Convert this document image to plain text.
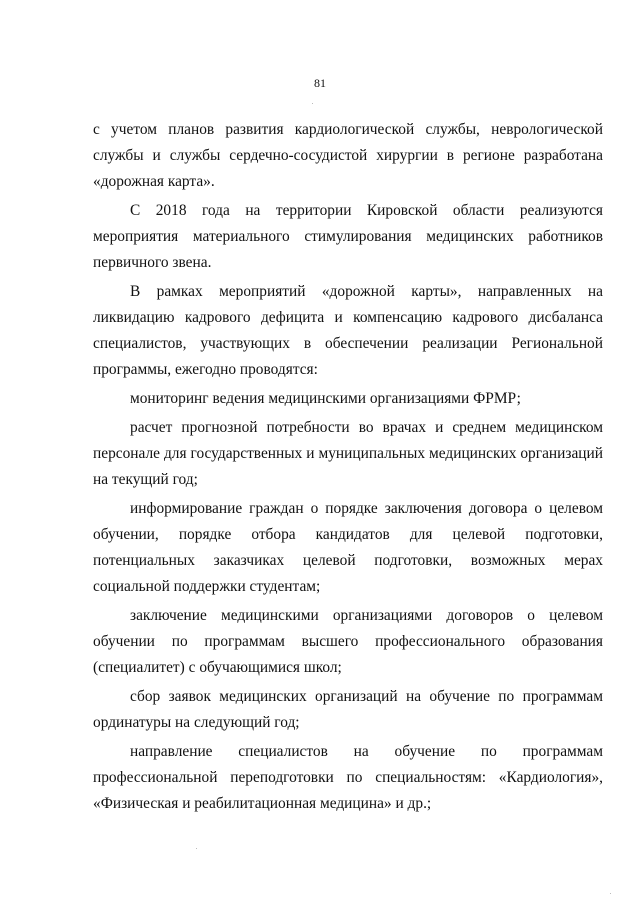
81

с учетом планов развития кардиологической службы, неврологической службы и службы сердечно-сосудистой хирургии в регионе разработана «дорожная карта».

С 2018 года на территории Кировской области реализуются мероприятия материального стимулирования медицинских работников первичного звена.

В рамках мероприятий «дорожной карты», направленных на ликвидацию кадрового дефицита и компенсацию кадрового дисбаланса специалистов, участвующих в обеспечении реализации Региональной программы, ежегодно проводятся:

мониторинг ведения медицинскими организациями ФРМР;

расчет прогнозной потребности во врачах и среднем медицинском персонале для государственных и муниципальных медицинских организаций на текущий год;

информирование граждан о порядке заключения договора о целевом обучении, порядке отбора кандидатов для целевой подготовки, потенциальных заказчиках целевой подготовки, возможных мерах социальной поддержки студентам;

заключение медицинскими организациями договоров о целевом обучении по программам высшего профессионального образования (специалитет) с обучающимися школ;

сбор заявок медицинских организаций на обучение по программам ординатуры на следующий год;

направление специалистов на обучение по программам профессиональной переподготовки по специальностям: «Кардиология», «Физическая и реабилитационная медицина» и др.;
